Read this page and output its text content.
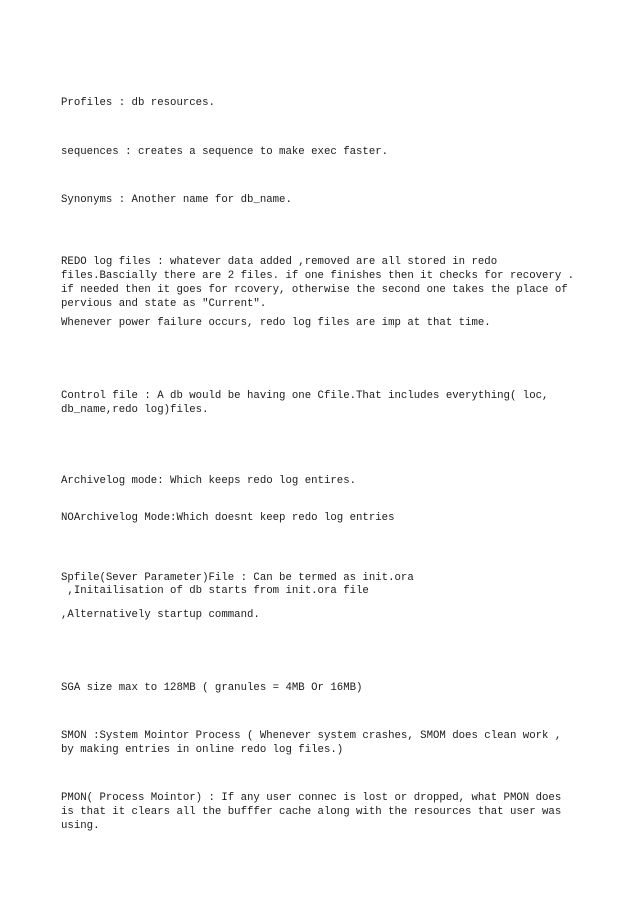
Profiles : db resources.

sequences : creates a sequence to make exec faster.

Synonyms : Another name for db_name.

REDO log files : whatever data added ,removed are all stored in redo

files.Bascially there are 2 files. if one finishes then it checks for recovery .

if needed then it goes for rcovery, otherwise the second one takes the place of

pervious and state as "Current".

Whenever power failure occurs, redo log files are imp at that time.

Control file : A db would be having one Cfile.That includes everything( loc,

db_name,redo log)files.

Archivelog mode: Which keeps redo log entires.

NOArchivelog Mode:Which doesnt keep redo log entries

Spfile(Sever Parameter)File : Can be termed as init.ora

,Initailisation of db starts from init.ora file

,Alternatively startup command.

SGA size max to 128MB ( granules = 4MB Or 16MB)

SMON :System Mointor Process ( Whenever system crashes, SMOM does clean work ,

by making entries in online redo log files.)

PMON( Process Mointor) : If any user connec is lost or dropped, what PMON does

is that it clears all the bufffer cache along with the resources that user was

using.
